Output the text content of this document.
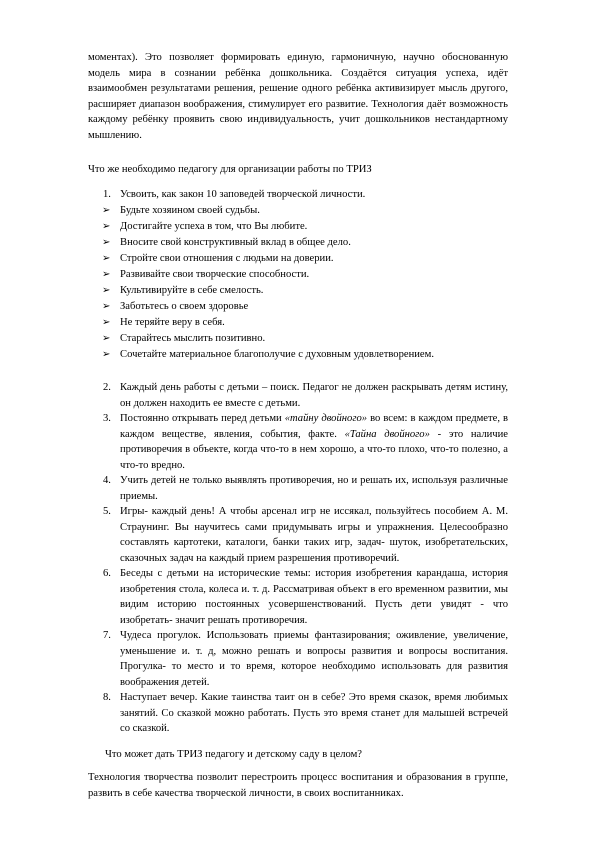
моментах). Это позволяет формировать единую, гармоничную, научно обоснованную модель мира в сознании ребёнка дошкольника. Создаётся ситуация успеха, идёт взаимообмен результатами решения, решение одного ребёнка активизирует мысль другого, расширяет диапазон воображения, стимулирует его развитие. Технология даёт возможность каждому ребёнку проявить свою индивидуальность, учит дошкольников нестандартному мышлению.

Что же необходимо педагогу для организации работы по ТРИЗ

1. Усвоить, как закон 10 заповедей творческой личности.

➢ Будьте хозяином своей судьбы.

➢ Достигайте успеха в том, что Вы любите.

➢ Вносите свой конструктивный вклад в общее дело.

➢ Стройте свои отношения с людьми на доверии.

➢ Развивайте свои творческие способности.

➢ Культивируйте в себе смелость.

➢ Заботьтесь о своем здоровье

➢ Не теряйте веру в себя.

➢ Старайтесь мыслить позитивно.

➢ Сочетайте материальное благополучие с духовным удовлетворением.

2. Каждый день работы с детьми – поиск. Педагог не должен раскрывать детям истину, он должен находить ее вместе с детьми.

3. Постоянно открывать перед детьми «тайну двойного» во всем: в каждом предмете, в каждом веществе, явления, события, факте. «Тайна двойного» - это наличие противоречия в объекте, когда что-то в нем хорошо, а что-то плохо, что-то полезно, а что-то вредно.

4. Учить детей не только выявлять противоречия, но и решать их, используя различные приемы.

5. Игры- каждый день! А чтобы арсенал игр не иссякал, пользуйтесь пособием А. М. Страунинг. Вы научитесь сами придумывать игры и упражнения. Целесообразно составлять картотеки, каталоги, банки таких игр, задач- шуток, изобретательских, сказочных задач на каждый прием разрешения противоречий.

6. Беседы с детьми на исторические темы: история изобретения карандаша, история изобретения стола, колеса и. т. д. Рассматривая объект в его временном развитии, мы видим историю постоянных усовершенствований. Пусть дети увидят - что изобретать- значит решать противоречия.

7. Чудеса прогулок. Использовать приемы фантазирования; оживление, увеличение, уменьшение и. т. д, можно решать и вопросы развития и вопросы воспитания. Прогулка- то место и то время, которое необходимо использовать для развития воображения детей.

8. Наступает вечер. Какие таинства таит он в себе? Это время сказок, время любимых занятий. Со сказкой можно работать. Пусть это время станет для малышей встречей со сказкой.

Что может дать ТРИЗ педагогу и детскому саду в целом?

Технология творчества позволит перестроить процесс воспитания и образования в группе, развить в себе качества творческой личности, в своих воспитанниках.
